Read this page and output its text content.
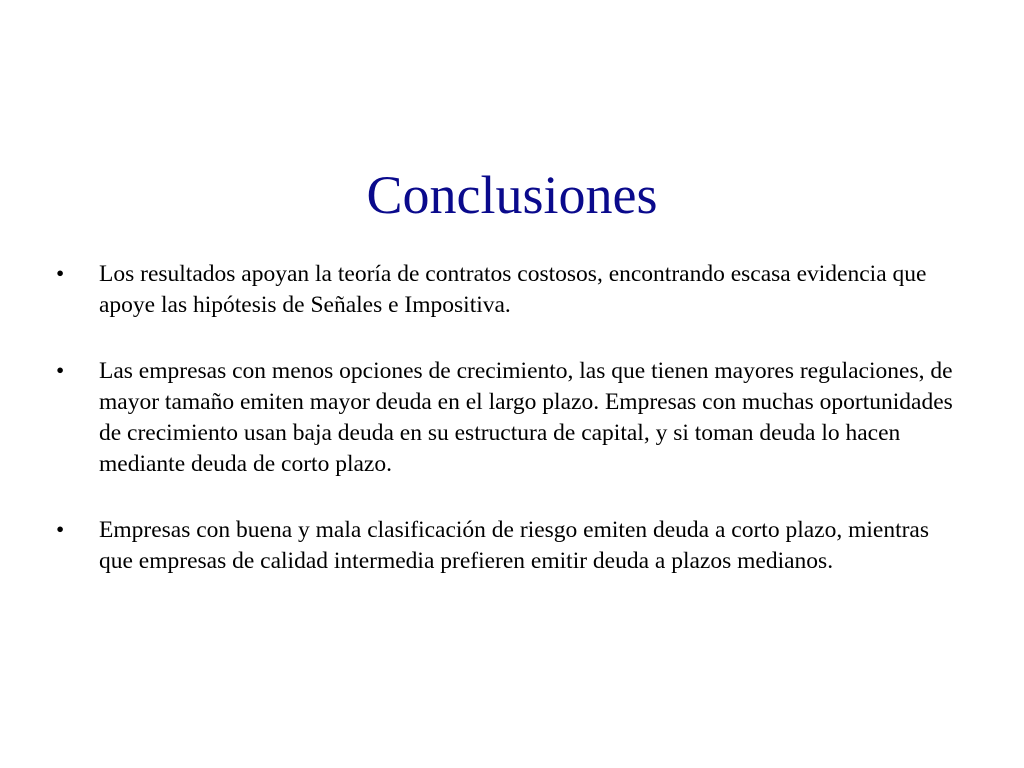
Conclusiones
•	Los resultados apoyan la teoría de contratos costosos, encontrando escasa evidencia que apoye las hipótesis de Señales e Impositiva.
•	Las empresas con menos opciones de crecimiento, las que tienen mayores regulaciones, de mayor tamaño emiten mayor deuda en el largo plazo. Empresas con muchas oportunidades de crecimiento usan baja deuda en su estructura de capital, y si toman deuda lo hacen mediante deuda de corto plazo.
•	Empresas con buena y mala clasificación de riesgo emiten deuda a corto plazo, mientras que empresas de calidad intermedia prefieren emitir deuda a plazos medianos.
